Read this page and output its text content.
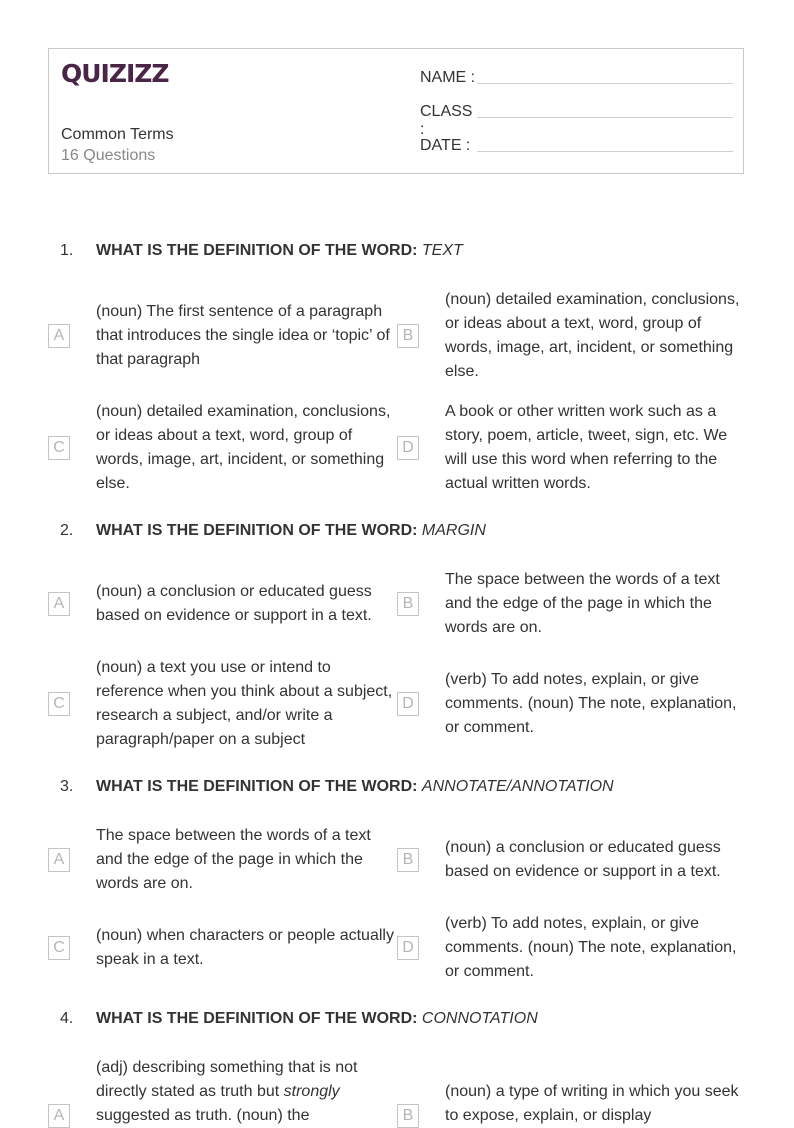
QUIZIZZ
Common Terms
16 Questions
NAME :
CLASS :
DATE :
1. WHAT IS THE DEFINITION OF THE WORD: TEXT
A
(noun) The first sentence of a paragraph that introduces the single idea or ‘topic’ of that paragraph
B
(noun) detailed examination, conclusions, or ideas about a text, word, group of words, image, art, incident, or something else.
C
(noun) detailed examination, conclusions, or ideas about a text, word, group of words, image, art, incident, or something else.
D
A book or other written work such as a story, poem, article, tweet, sign, etc. We will use this word when referring to the actual written words.
2. WHAT IS THE DEFINITION OF THE WORD: MARGIN
A
(noun) a conclusion or educated guess based on evidence or support in a text.
B
The space between the words of a text and the edge of the page in which the words are on.
C
(noun) a text you use or intend to reference when you think about a subject, research a subject, and/or write a paragraph/paper on a subject
D
(verb) To add notes, explain, or give comments. (noun) The note, explanation, or comment.
3. WHAT IS THE DEFINITION OF THE WORD: ANNOTATE/ANNOTATION
A
The space between the words of a text and the edge of the page in which the words are on.
B
(noun) a conclusion or educated guess based on evidence or support in a text.
C
(noun) when characters or people actually speak in a text.
D
(verb) To add notes, explain, or give comments. (noun) The note, explanation, or comment.
4. WHAT IS THE DEFINITION OF THE WORD: CONNOTATION
A
(adj) describing something that is not directly stated as truth but strongly suggested as truth. (noun) the	B
(noun) a type of writing in which you seek to expose, explain, or display
